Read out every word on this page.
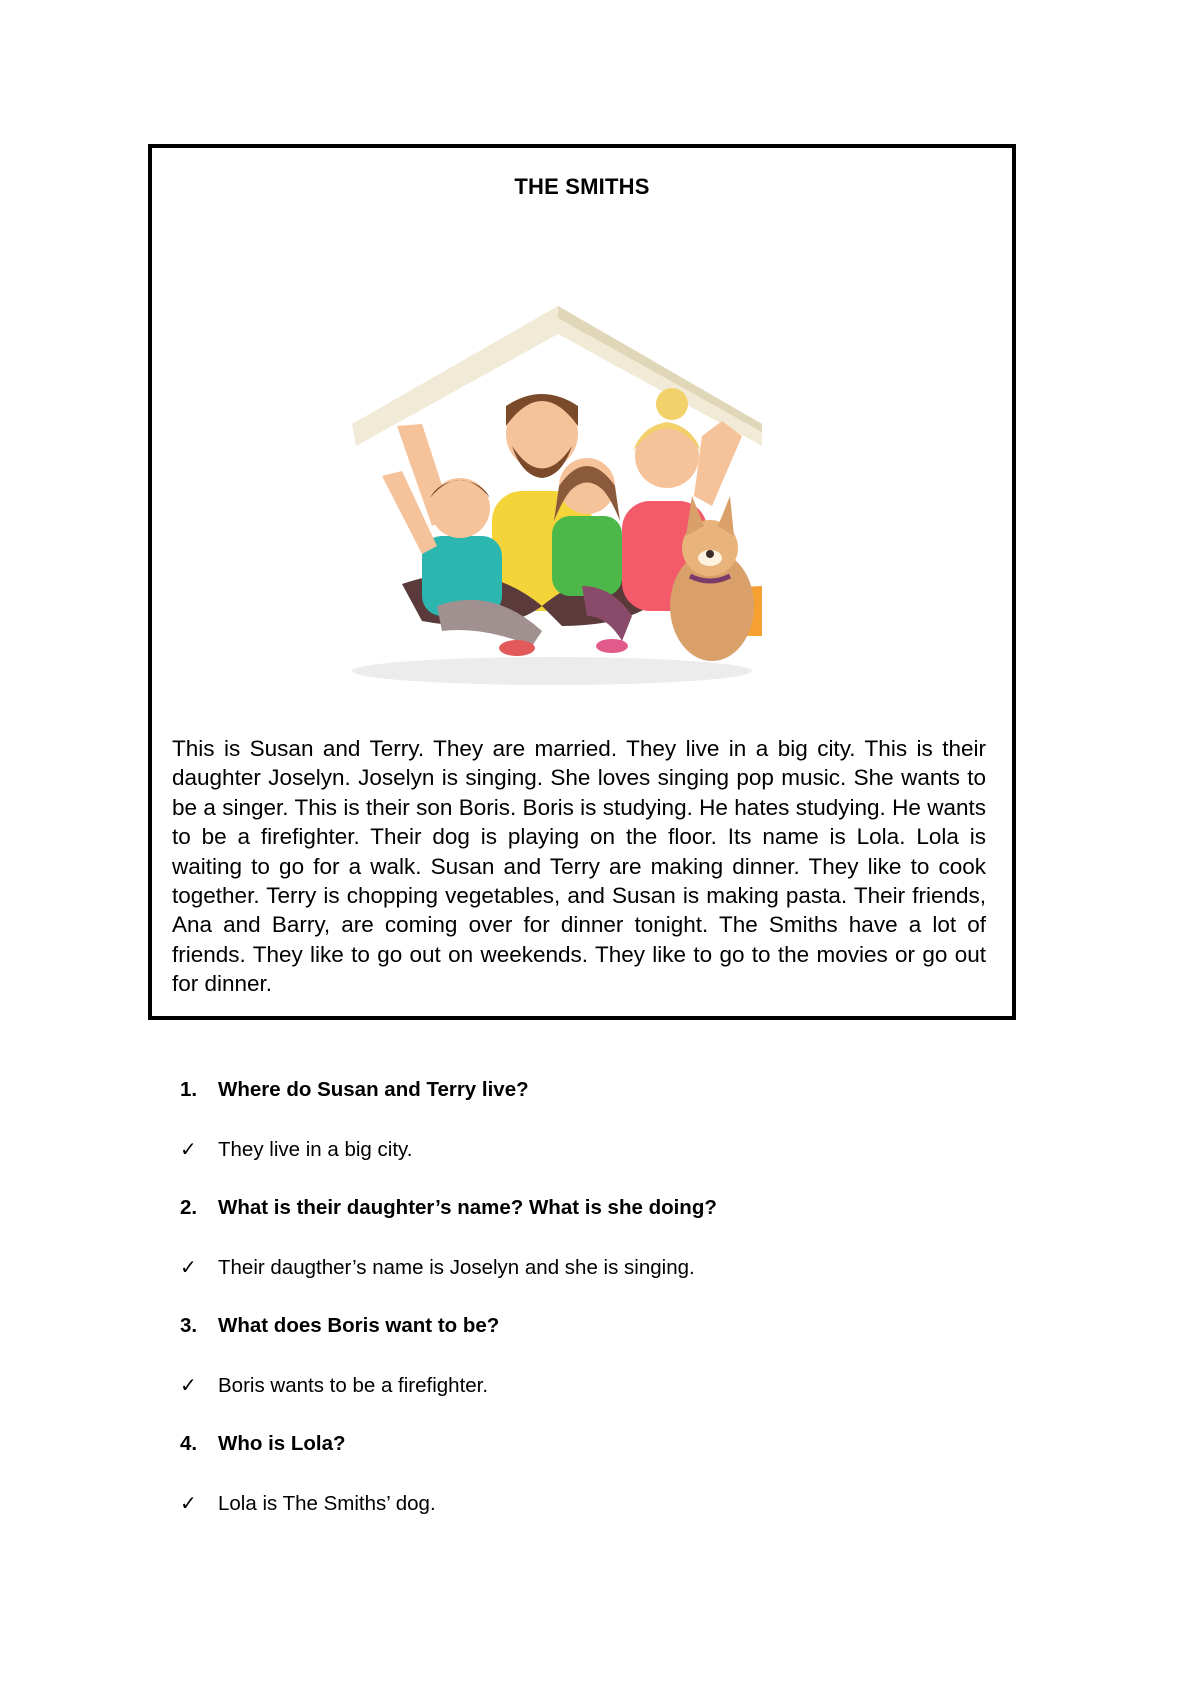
THE SMITHS

This is Susan and Terry. They are married. They live in a big city. This is their daughter Joselyn. Joselyn is singing. She loves singing pop music. She wants to be a singer. This is their son Boris. Boris is studying. He hates studying. He wants to be a firefighter. Their dog is playing on the floor. Its name is Lola. Lola is waiting to go for a walk. Susan and Terry are making dinner. They like to cook together. Terry is chopping vegetables, and Susan is making pasta. Their friends, Ana and Barry, are coming over for dinner tonight. The Smiths have a lot of friends. They like to go out on weekends. They like to go to the movies or go out for dinner.

1. Where do Susan and Terry live?
✓ They live in a big city.
2. What is their daughter’s name? What is she doing?
✓ Their daugther’s name is Joselyn and she is singing.
3. What does Boris want to be?
✓ Boris wants to be a firefighter.
4. Who is Lola?
✓ Lola is The Smiths’ dog.
